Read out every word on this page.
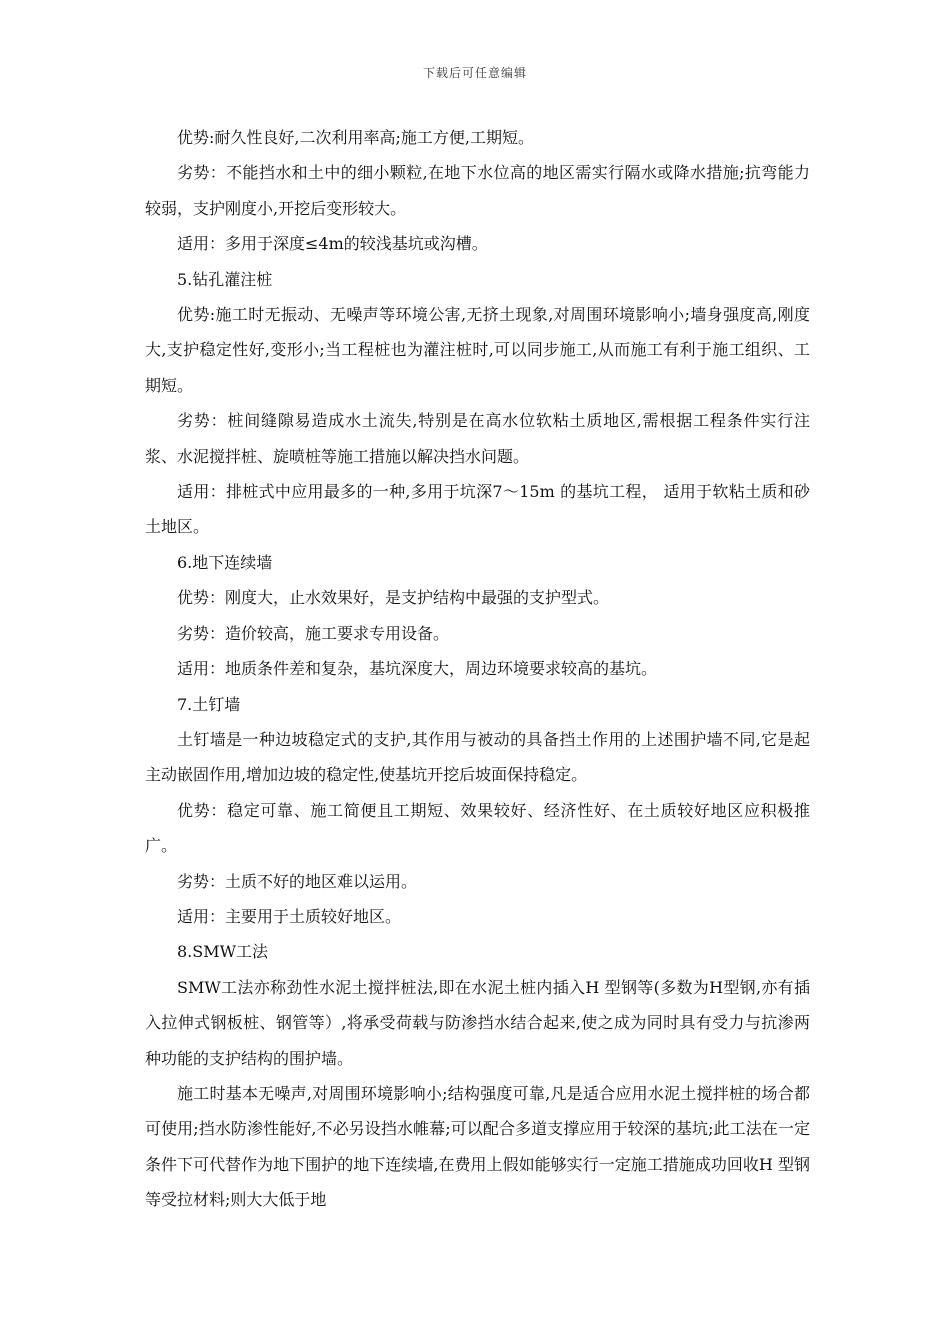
下载后可任意编辑

优势:耐久性良好,二次利用率高;施工方便,工期短。

劣势：不能挡水和土中的细小颗粒,在地下水位高的地区需实行隔水或降水措施;抗弯能力较弱，支护刚度小,开挖后变形较大。

适用：多用于深度≤4m的较浅基坑或沟槽。

5.钻孔灌注桩

优势:施工时无振动、无噪声等环境公害,无挤土现象,对周围环境影响小;墙身强度高,刚度大,支护稳定性好,变形小;当工程桩也为灌注桩时,可以同步施工,从而施工有利于施工组织、工期短。

劣势：桩间缝隙易造成水土流失,特别是在高水位软粘土质地区,需根据工程条件实行注浆、水泥搅拌桩、旋喷桩等施工措施以解决挡水问题。

适用：排桩式中应用最多的一种,多用于坑深7～15m 的基坑工程， 适用于软粘土质和砂土地区。

6.地下连续墙

优势：刚度大，止水效果好，是支护结构中最强的支护型式。

劣势：造价较高，施工要求专用设备。

适用：地质条件差和复杂，基坑深度大，周边环境要求较高的基坑。

7.土钉墙

土钉墙是一种边坡稳定式的支护,其作用与被动的具备挡土作用的上述围护墙不同,它是起主动嵌固作用,增加边坡的稳定性,使基坑开挖后坡面保持稳定。

优势：稳定可靠、施工简便且工期短、效果较好、经济性好、在土质较好地区应积极推广。

劣势：土质不好的地区难以运用。

适用：主要用于土质较好地区。

8.SMW工法

SMW工法亦称劲性水泥土搅拌桩法,即在水泥土桩内插入H 型钢等(多数为H型钢,亦有插入拉伸式钢板桩、钢管等）,将承受荷载与防渗挡水结合起来,使之成为同时具有受力与抗渗两种功能的支护结构的围护墙。

施工时基本无噪声,对周围环境影响小;结构强度可靠,凡是适合应用水泥土搅拌桩的场合都可使用;挡水防渗性能好,不必另设挡水帷幕;可以配合多道支撑应用于较深的基坑;此工法在一定条件下可代替作为地下围护的地下连续墙,在费用上假如能够实行一定施工措施成功回收H 型钢等受拉材料;则大大低于地
